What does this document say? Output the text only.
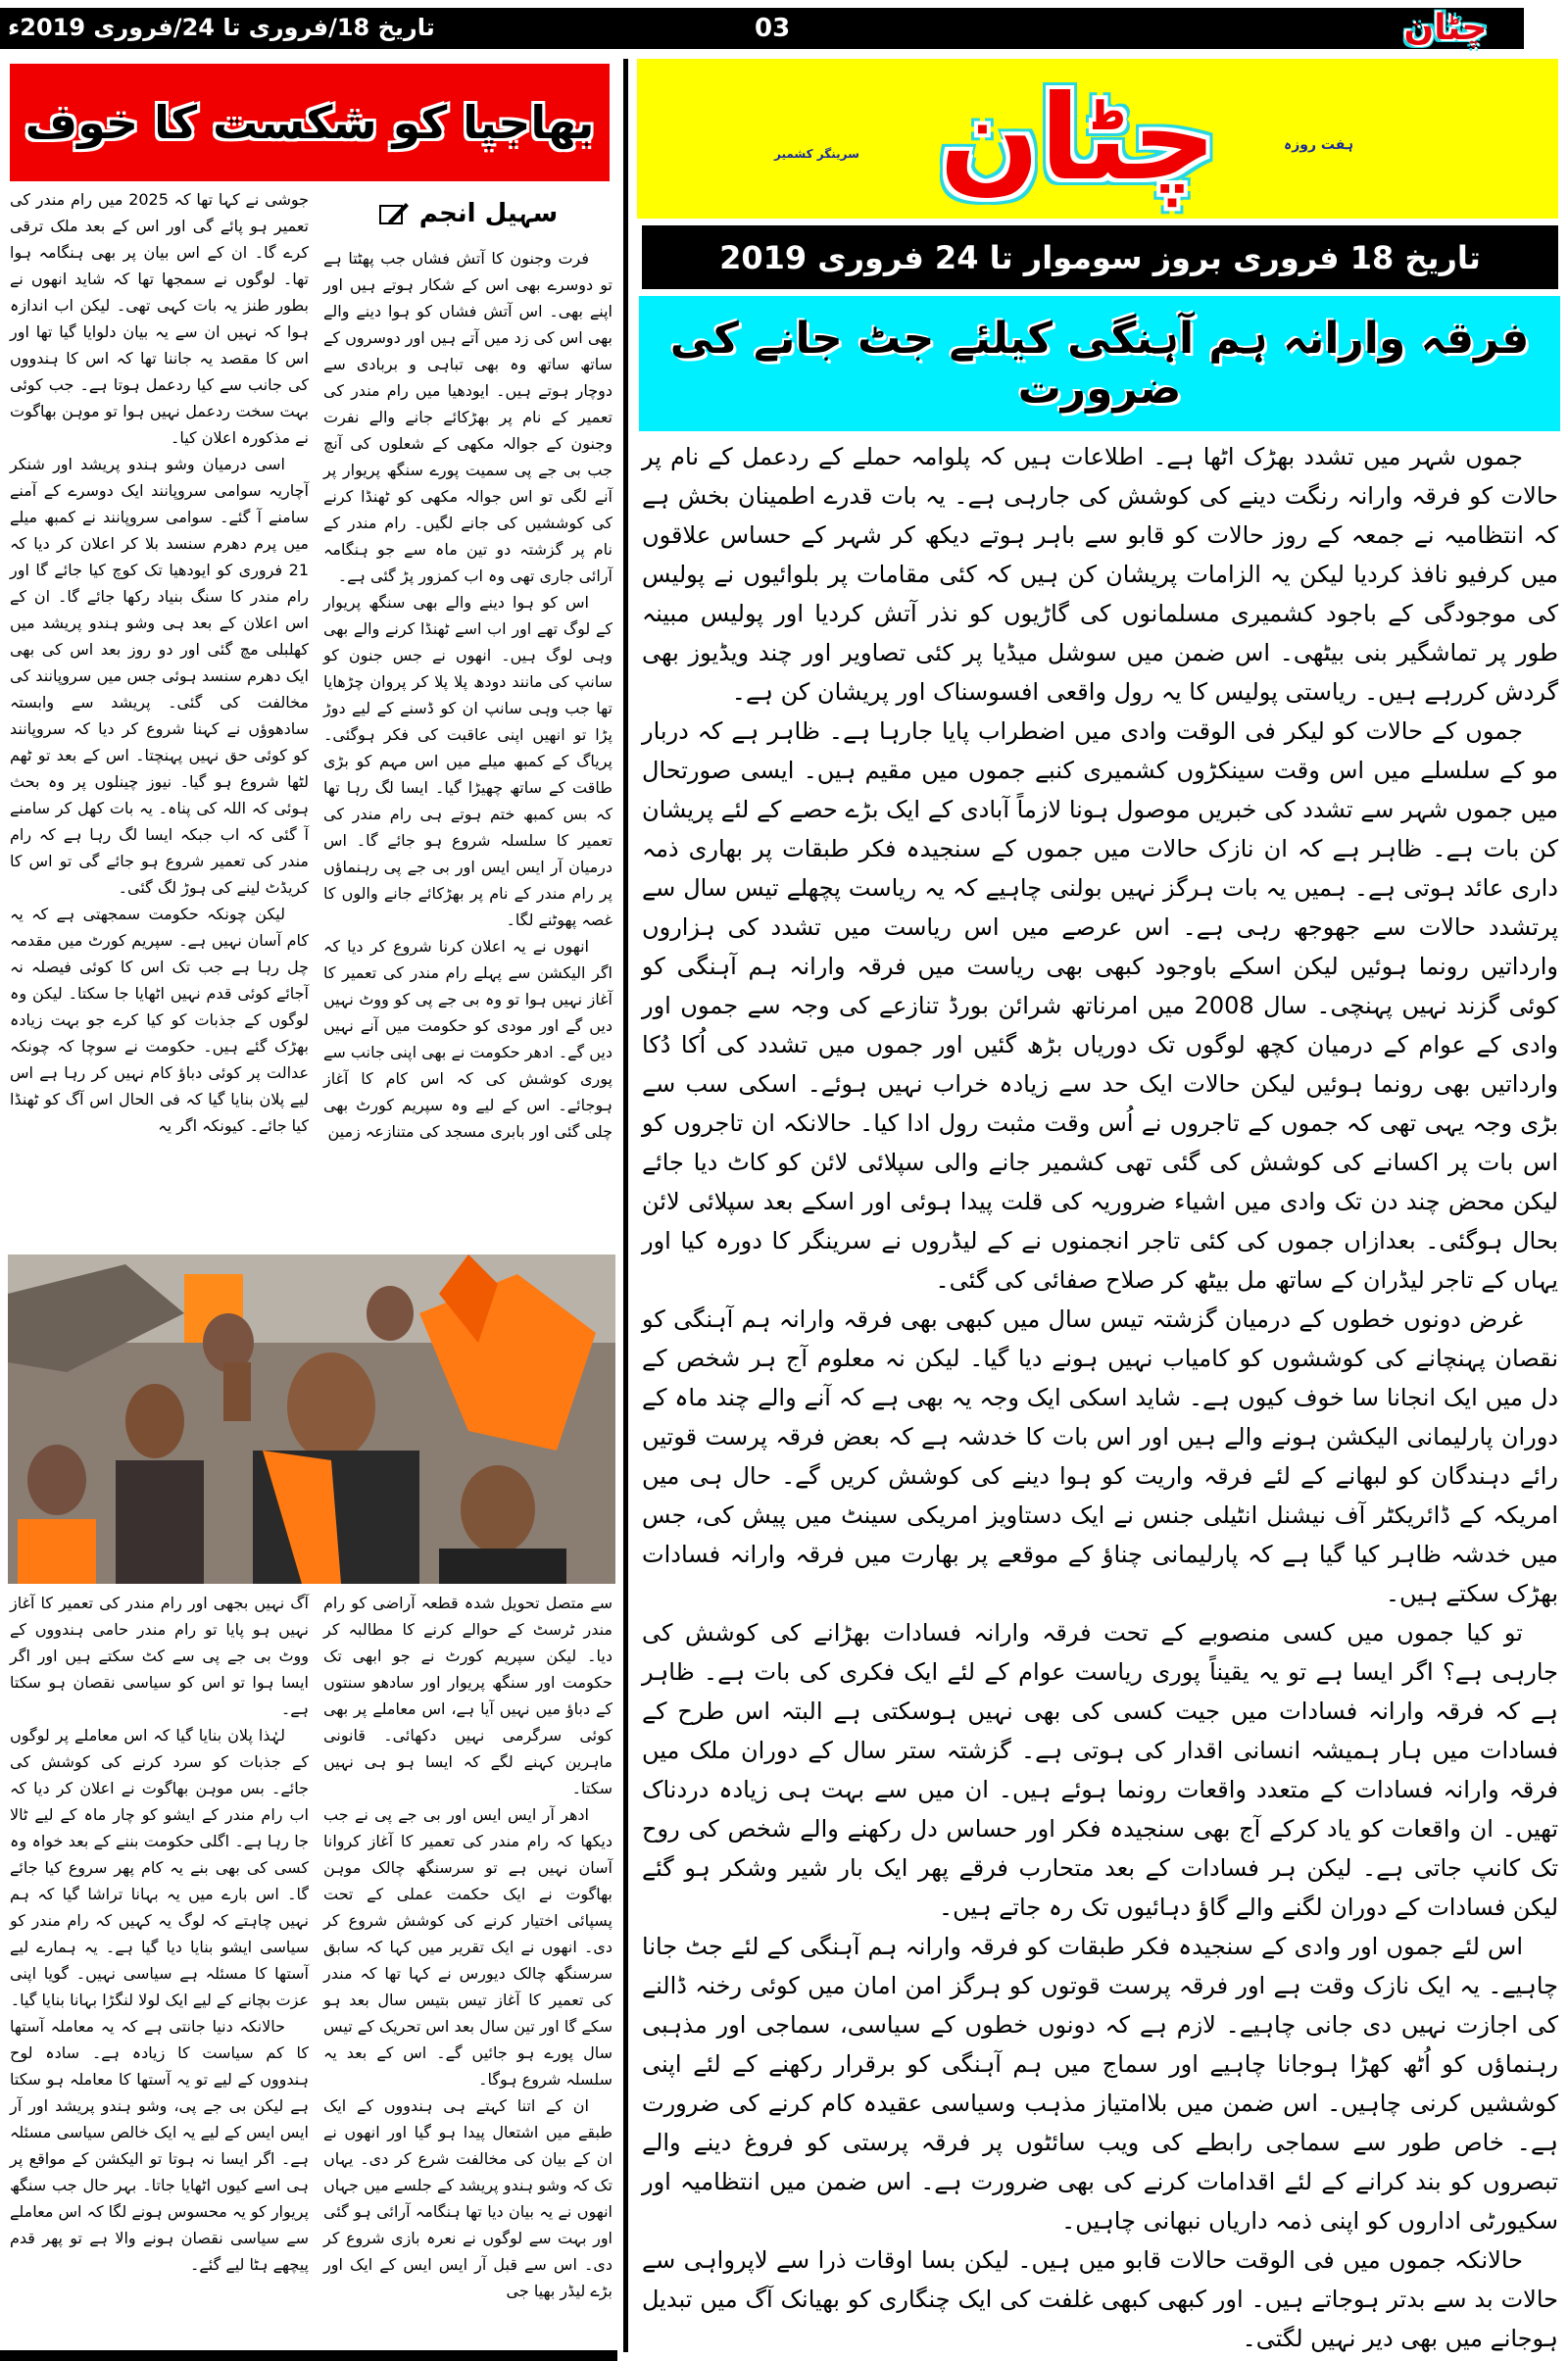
تاریخ 18/فروری تا 24/فروری 2019ء	03	چٹان
بھاجپا کو شکست کا خوف
سہیل انجم

فرت وجنون کا آتش فشاں جب پھٹتا ہے تو دوسرے بھی اس کے شکار ہوتے ہیں اور اپنے بھی۔ اس آتش فشاں کو ہوا دینے والے بھی اس کی زد میں آتے ہیں اور دوسروں کے ساتھ ساتھ وہ بھی تباہی و بربادی سے دوچار ہوتے ہیں۔ ایودھیا میں رام مندر کی تعمیر کے نام پر بھڑکائے جانے والے نفرت وجنون کے جوالہ مکھی کے شعلوں کی آنچ جب بی جے پی سمیت پورے سنگھ پریوار پر آنے لگی تو اس جوالہ مکھی کو ٹھنڈا کرنے کی کوششیں کی جانے لگیں۔ رام مندر کے نام پر گزشتہ دو تین ماہ سے جو ہنگامہ آرائی جاری تھی وہ اب کمزور پڑ گئی ہے۔

اس کو ہوا دینے والے بھی سنگھ پریوار کے لوگ تھے اور اب اسے ٹھنڈا کرنے والے بھی وہی لوگ ہیں۔ انھوں نے جس جنون کو سانپ کی مانند دودھ پلا پلا کر پروان چڑھایا تھا جب وہی سانپ ان کو ڈسنے کے لیے دوڑ پڑا تو انھیں اپنی عاقبت کی فکر ہوگئی۔ پریاگ کے کمبھ میلے میں اس مہم کو بڑی طاقت کے ساتھ چھیڑا گیا۔ ایسا لگ رہا تھا کہ بس کمبھ ختم ہوتے ہی رام مندر کی تعمیر کا سلسلہ شروع ہو جائے گا۔ اس درمیان آر ایس ایس اور بی جے پی رہنماؤں پر رام مندر کے نام پر بھڑکائے جانے والوں کا غصہ پھوٹنے لگا۔

انھوں نے یہ اعلان کرنا شروع کر دیا کہ اگر الیکشن سے پہلے رام مندر کی تعمیر کا آغاز نہیں ہوا تو وہ بی جے پی کو ووٹ نہیں دیں گے اور مودی کو حکومت میں آنے نہیں دیں گے۔ ادھر حکومت نے بھی اپنی جانب سے پوری کوشش کی کہ اس کام کا آغاز ہوجائے۔ اس کے لیے وہ سپریم کورٹ بھی چلی گئی اور بابری مسجد کی متنازعہ زمین

جوشی نے کہا تھا کہ 2025 میں رام مندر کی تعمیر ہو پائے گی اور اس کے بعد ملک ترقی کرے گا۔ ان کے اس بیان پر بھی ہنگامہ ہوا تھا۔ لوگوں نے سمجھا تھا کہ شاید انھوں نے بطور طنز یہ بات کہی تھی۔ لیکن اب اندازہ ہوا کہ نہیں ان سے یہ بیان دلوایا گیا تھا اور اس کا مقصد یہ جاننا تھا کہ اس کا ہندووں کی جانب سے کیا ردعمل ہوتا ہے۔ جب کوئی بہت سخت ردعمل نہیں ہوا تو موہن بھاگوت نے مذکورہ اعلان کیا۔

اسی درمیان وشو ہندو پریشد اور شنکر آچاریہ سوامی سروپانند ایک دوسرے کے آمنے سامنے آ گئے۔ سوامی سروپانند نے کمبھ میلے میں پرم دھرم سنسد بلا کر اعلان کر دیا کہ 21 فروری کو ایودھیا تک کوچ کیا جائے گا اور رام مندر کا سنگ بنیاد رکھا جائے گا۔ ان کے اس اعلان کے بعد ہی وشو ہندو پریشد میں کھلبلی مچ گئی اور دو روز بعد اس کی بھی ایک دھرم سنسد ہوئی جس میں سروپانند کی مخالفت کی گئی۔ پریشد سے وابستہ سادھوؤں نے کہنا شروع کر دیا کہ سروپانند کو کوئی حق نہیں پہنچتا۔ اس کے بعد تو ٹھم لٹھا شروع ہو گیا۔ نیوز چینلوں پر وہ بحث ہوئی کہ اللہ کی پناہ۔ یہ بات کھل کر سامنے آ گئی کہ اب جبکہ ایسا لگ رہا ہے کہ رام مندر کی تعمیر شروع ہو جائے گی تو اس کا کریڈٹ لینے کی ہوڑ لگ گئی۔

لیکن چونکہ حکومت سمجھتی ہے کہ یہ کام آسان نہیں ہے۔ سپریم کورٹ میں مقدمہ چل رہا ہے جب تک اس کا کوئی فیصلہ نہ آجائے کوئی قدم نہیں اٹھایا جا سکتا۔ لیکن وہ لوگوں کے جذبات کو کیا کرے جو بہت زیادہ بھڑک گئے ہیں۔ حکومت نے سوچا کہ چونکہ عدالت پر کوئی دباؤ کام نہیں کر رہا ہے اس لیے پلان بنایا گیا کہ فی الحال اس آگ کو ٹھنڈا کیا جائے۔ کیونکہ اگر یہ

سے متصل تحویل شدہ قطعہ آراضی کو رام مندر ٹرسٹ کے حوالے کرنے کا مطالبہ کر دیا۔ لیکن سپریم کورٹ نے جو ابھی تک حکومت اور سنگھ پریوار اور سادھو سنتوں کے دباؤ میں نہیں آیا ہے، اس معاملے پر بھی کوئی سرگرمی نہیں دکھائی۔ قانونی ماہرین کہنے لگے کہ ایسا ہو ہی نہیں سکتا۔

ادھر آر ایس ایس اور بی جے پی نے جب دیکھا کہ رام مندر کی تعمیر کا آغاز کروانا آسان نہیں ہے تو سرسنگھ چالک موہن بھاگوت نے ایک حکمت عملی کے تحت پسپائی اختیار کرنے کی کوشش شروع کر دی۔ انھوں نے ایک تقریر میں کہا کہ سابق سرسنگھ چالک دیورس نے کہا تھا کہ مندر کی تعمیر کا آغاز تیس بتیس سال بعد ہو سکے گا اور تین سال بعد اس تحریک کے تیس سال پورے ہو جائیں گے۔ اس کے بعد یہ سلسلہ شروع ہوگا۔

ان کے اتنا کہتے ہی ہندووں کے ایک طبقے میں اشتعال پیدا ہو گیا اور انھوں نے ان کے بیان کی مخالفت شرع کر دی۔ یہاں تک کہ وشو ہندو پریشد کے جلسے میں جہاں انھوں نے یہ بیان دیا تھا ہنگامہ آرائی ہو گئی اور بہت سے لوگوں نے نعرہ بازی شروع کر دی۔ اس سے قبل آر ایس ایس کے ایک اور بڑے لیڈر بھیا جی

آگ نہیں بجھی اور رام مندر کی تعمیر کا آغاز نہیں ہو پایا تو رام مندر حامی ہندووں کے ووٹ بی جے پی سے کٹ سکتے ہیں اور اگر ایسا ہوا تو اس کو سیاسی نقصان ہو سکتا ہے۔

لہٰذا پلان بنایا گیا کہ اس معاملے پر لوگوں کے جذبات کو سرد کرنے کی کوشش کی جائے۔ بس موہن بھاگوت نے اعلان کر دیا کہ اب رام مندر کے ایشو کو چار ماہ کے لیے ٹالا جا رہا ہے۔ اگلی حکومت بننے کے بعد خواہ وہ کسی کی بھی بنے یہ کام پھر سروع کیا جائے گا۔ اس بارے میں یہ بہانا تراشا گیا کہ ہم نہیں چاہتے کہ لوگ یہ کہیں کہ رام مندر کو سیاسی ایشو بنایا دیا گیا ہے۔ یہ ہمارے لیے آستھا کا مسئلہ ہے سیاسی نہیں۔ گویا اپنی عزت بچانے کے لیے ایک لولا لنگڑا بہانا بنایا گیا۔

حالانکہ دنیا جانتی ہے کہ یہ معاملہ آستھا کا کم سیاست کا زیادہ ہے۔ سادہ لوح ہندووں کے لیے تو یہ آستھا کا معاملہ ہو سکتا ہے لیکن بی جے پی، وشو ہندو پریشد اور آر ایس ایس کے لیے یہ ایک خالص سیاسی مسئلہ ہے۔ اگر ایسا نہ ہوتا تو الیکشن کے مواقع پر ہی اسے کیوں اٹھایا جاتا۔ بہر حال جب سنگھ پریوار کو یہ محسوس ہونے لگا کہ اس معاملے سے سیاسی نقصان ہونے والا ہے تو پھر قدم پیچھے ہٹا لیے گئے۔

چٹان	ہفت روزہ
سرینگر کشمیر
تاریخ 18 فروری بروز سوموار تا 24 فروری 2019
فرقہ وارانہ ہم آہنگی کیلئے جٹ جانے کی ضرورت

جموں شہر میں تشدد بھڑک اٹھا ہے۔ اطلاعات ہیں کہ پلوامہ حملے کے ردعمل کے نام پر حالات کو فرقہ وارانہ رنگت دینے کی کوشش کی جارہی ہے۔ یہ بات قدرے اطمینان بخش ہے کہ انتظامیہ نے جمعہ کے روز حالات کو قابو سے باہر ہوتے دیکھ کر شہر کے حساس علاقوں میں کرفیو نافذ کردیا لیکن یہ الزامات پریشان کن ہیں کہ کئی مقامات پر بلوائیوں نے پولیس کی موجودگی کے باجود کشمیری مسلمانوں کی گاڑیوں کو نذر آتش کردیا اور پولیس مبینہ طور پر تماشگیر بنی بیٹھی۔ اس ضمن میں سوشل میڈیا پر کئی تصاویر اور چند ویڈیوز بھی گردش کررہے ہیں۔ ریاستی پولیس کا یہ رول واقعی افسوسناک اور پریشان کن ہے۔

جموں کے حالات کو لیکر فی الوقت وادی میں اضطراب پایا جارہا ہے۔ ظاہر ہے کہ دربار مو کے سلسلے میں اس وقت سینکڑوں کشمیری کنبے جموں میں مقیم ہیں۔ ایسی صورتحال میں جموں شہر سے تشدد کی خبریں موصول ہونا لازماً آبادی کے ایک بڑے حصے کے لئے پریشان کن بات ہے۔ ظاہر ہے کہ ان نازک حالات میں جموں کے سنجیدہ فکر طبقات پر بھاری ذمہ داری عائد ہوتی ہے۔ ہمیں یہ بات ہرگز نہیں بولنی چاہیے کہ یہ ریاست پچھلے تیس سال سے پرتشدد حالات سے جھوجھ رہی ہے۔ اس عرصے میں اس ریاست میں تشدد کی ہزاروں وارداتیں رونما ہوئیں لیکن اسکے باوجود کبھی بھی ریاست میں فرقہ وارانہ ہم آہنگی کو کوئی گزند نہیں پہنچی۔ سال 2008 میں امرناتھ شرائن بورڈ تنازعے کی وجہ سے جموں اور وادی کے عوام کے درمیان کچھ لوگوں تک دوریاں بڑھ گئیں اور جموں میں تشدد کی اُکا دُکا وارداتیں بھی رونما ہوئیں لیکن حالات ایک حد سے زیادہ خراب نہیں ہوئے۔ اسکی سب سے بڑی وجہ یہی تھی کہ جموں کے تاجروں نے اُس وقت مثبت رول ادا کیا۔ حالانکہ ان تاجروں کو اس بات پر اکسانے کی کوشش کی گئی تھی کشمیر جانے والی سپلائی لائن کو کاٹ دیا جائے لیکن محض چند دن تک وادی میں اشیاء ضروریہ کی قلت پیدا ہوئی اور اسکے بعد سپلائی لائن بحال ہوگئی۔ بعدازاں جموں کی کئی تاجر انجمنوں نے کے لیڈروں نے سرینگر کا دورہ کیا اور یہاں کے تاجر لیڈران کے ساتھ مل بیٹھ کر صلاح صفائی کی گئی۔

غرض دونوں خطوں کے درمیان گزشتہ تیس سال میں کبھی بھی فرقہ وارانہ ہم آہنگی کو نقصان پہنچانے کی کوششوں کو کامیاب نہیں ہونے دیا گیا۔ لیکن نہ معلوم آج ہر شخص کے دل میں ایک انجانا سا خوف کیوں ہے۔ شاید اسکی ایک وجہ یہ بھی ہے کہ آنے والے چند ماہ کے دوران پارلیمانی الیکشن ہونے والے ہیں اور اس بات کا خدشہ ہے کہ بعض فرقہ پرست قوتیں رائے دہندگان کو لبھانے کے لئے فرقہ واریت کو ہوا دینے کی کوشش کریں گے۔ حال ہی میں امریکہ کے ڈائریکٹر آف نیشنل انٹیلی جنس نے ایک دستاویز امریکی سینٹ میں پیش کی، جس میں خدشہ ظاہر کیا گیا ہے کہ پارلیمانی چناؤ کے موقعے پر بھارت میں فرقہ وارانہ فسادات بھڑک سکتے ہیں۔

تو کیا جموں میں کسی منصوبے کے تحت فرقہ وارانہ فسادات بھڑانے کی کوشش کی جارہی ہے؟ اگر ایسا ہے تو یہ یقیناً پوری ریاست عوام کے لئے ایک فکری کی بات ہے۔ ظاہر ہے کہ فرقہ وارانہ فسادات میں جیت کسی کی بھی نہیں ہوسکتی ہے البتہ اس طرح کے فسادات میں ہار ہمیشہ انسانی اقدار کی ہوتی ہے۔ گزشتہ ستر سال کے دوران ملک میں فرقہ وارانہ فسادات کے متعدد واقعات رونما ہوئے ہیں۔ ان میں سے بہت ہی زیادہ دردناک تھیں۔ ان واقعات کو یاد کرکے آج بھی سنجیدہ فکر اور حساس دل رکھنے والے شخص کی روح تک کانپ جاتی ہے۔ لیکن ہر فسادات کے بعد متحارب فرقے پھر ایک بار شیر وشکر ہو گئے لیکن فسادات کے دوران لگنے والے گاؤ دہائیوں تک رہ جاتے ہیں۔

اس لئے جموں اور وادی کے سنجیدہ فکر طبقات کو فرقہ وارانہ ہم آہنگی کے لئے جٹ جانا چاہیے۔ یہ ایک نازک وقت ہے اور فرقہ پرست قوتوں کو ہرگز امن امان میں کوئی رخنہ ڈالنے کی اجازت نہیں دی جانی چاہیے۔ لازم ہے کہ دونوں خطوں کے سیاسی، سماجی اور مذہبی رہنماؤں کو اُٹھ کھڑا ہوجانا چاہیے اور سماج میں ہم آہنگی کو برقرار رکھنے کے لئے اپنی کوششیں کرنی چاہیں۔ اس ضمن میں بلاامتیاز مذہب وسیاسی عقیدہ کام کرنے کی ضرورت ہے۔ خاص طور سے سماجی رابطے کی ویب سائٹوں پر فرقہ پرستی کو فروغ دینے والے تبصروں کو بند کرانے کے لئے اقدامات کرنے کی بھی ضرورت ہے۔ اس ضمن میں انتظامیہ اور سکیورٹی اداروں کو اپنی ذمہ داریاں نبھانی چاہیں۔

حالانکہ جموں میں فی الوقت حالات قابو میں ہیں۔ لیکن بسا اوقات ذرا سے لاپرواہی سے حالات بد سے بدتر ہوجاتے ہیں۔ اور کبھی کبھی غلفت کی ایک چنگاری کو بھیانک آگ میں تبدیل ہوجانے میں بھی دیر نہیں لگتی۔
